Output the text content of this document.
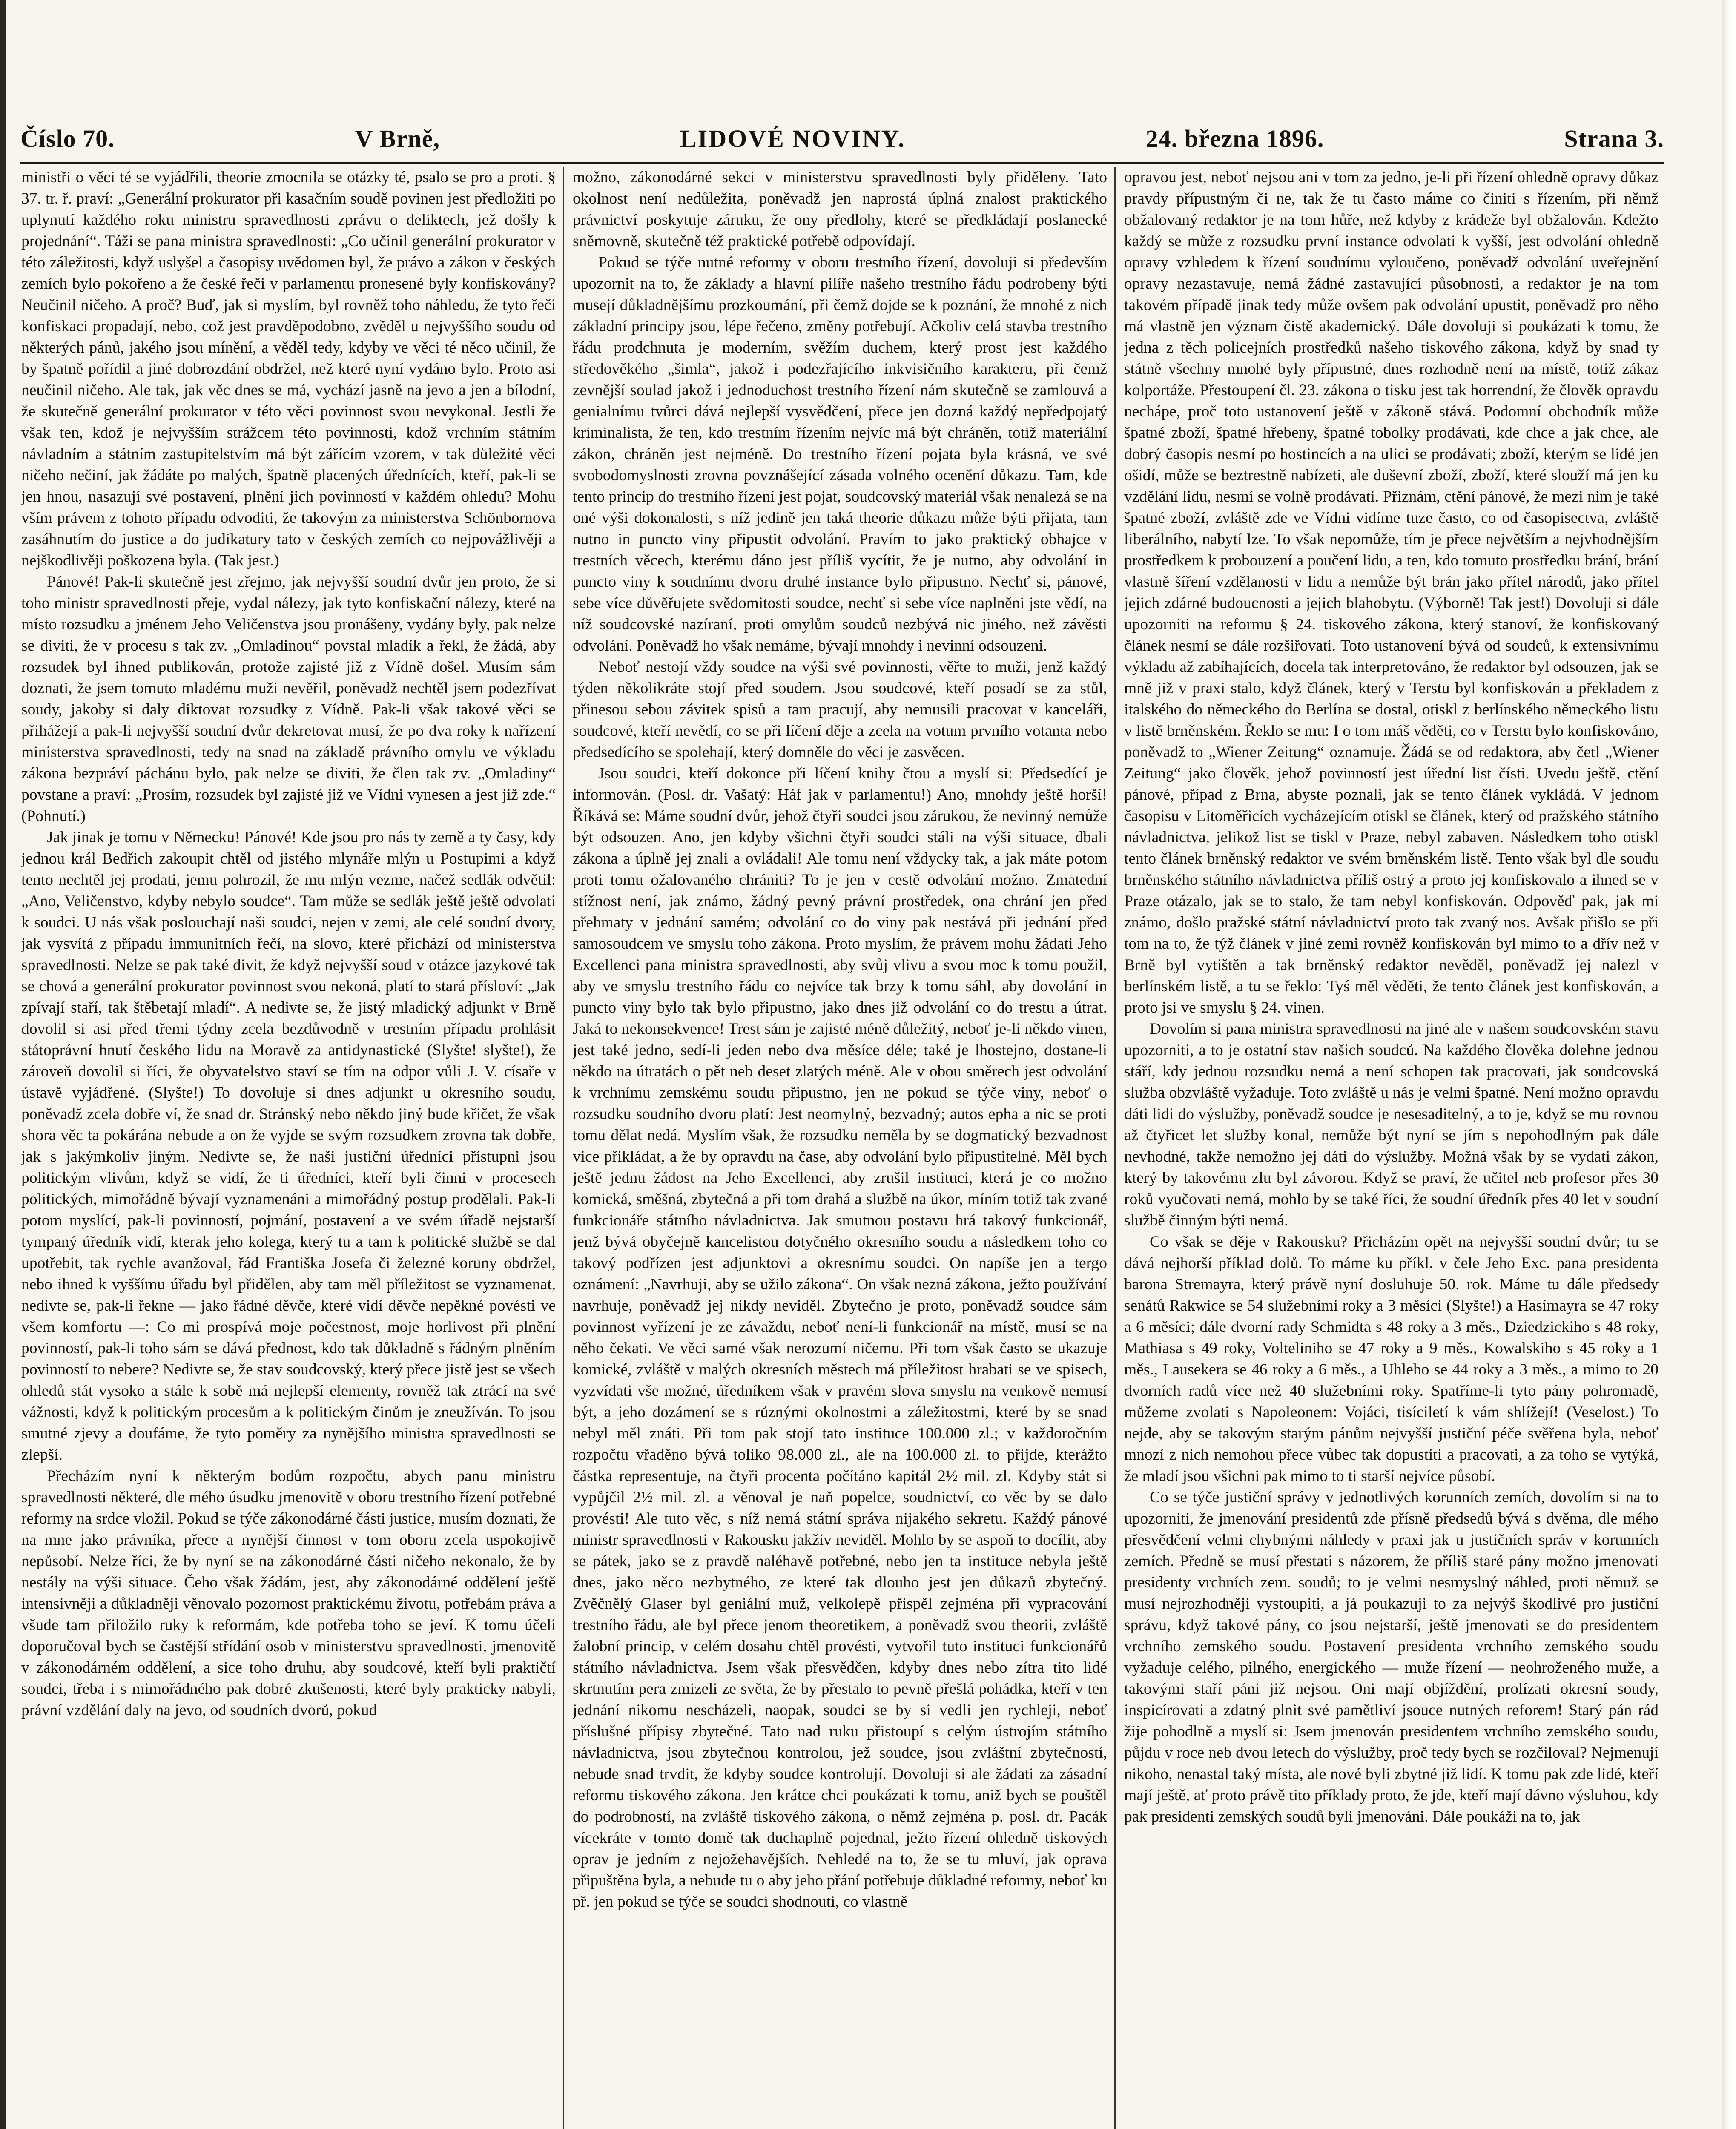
Číslo 70.	V Brně,	LIDOVÉ NOVINY.	24. března 1896.	Strana 3.

ministři o věci té se vyjádřili, theorie zmocnila se otázky té, psalo se pro a proti. § 37. tr. ř. praví: „Generální prokurator při kasačním soudě povinen jest předložiti po uplynutí každého roku ministru spravedlnosti zprávu o deliktech, jež došly k projednání“. Táži se pana ministra spravedlnosti: „Co učinil generální prokurator v této záležitosti, když uslyšel a časopisy uvědomen byl, že právo a zákon v českých zemích bylo pokořeno a že české řeči v parlamentu pronesené byly konfiskovány? Neučinil ničeho. A proč? Buď, jak si myslím, byl rovněž toho náhledu, že tyto řeči konfiskaci propadají, nebo, což jest pravděpodobno, zvěděl u nejvyššího soudu od některých pánů, jakého jsou mínění, a věděl tedy, kdyby ve věci té něco učinil, že by špatně pořídil a jiné dobrozdání obdržel, než které nyní vydáno bylo. Proto asi neučinil ničeho. Ale tak, jak věc dnes se má, vychází jasně na jevo a jen a bílodní, že skutečně generální prokurator v této věci povinnost svou nevykonal. Jestli že však ten, kdož je nejvyšším strážcem této povinnosti, kdož vrchním státním návladním a státním zastupitelstvím má být zářícím vzorem, v tak důležité věci ničeho nečiní, jak žádáte po malých, špatně placených úřednících, kteří, pak-li se jen hnou, nasazují své postavení, plnění jich povinností v každém ohledu? Mohu vším právem z tohoto případu odvoditi, že takovým za ministerstva Schönbornova zasáhnutím do justice a do judikatury tato v českých zemích co nejpovážlivěji a nejškodlivěji poškozena byla. (Tak jest.)

Pánové! Pak-li skutečně jest zřejmo, jak nejvyšší soudní dvůr jen proto, že si toho ministr spravedlnosti přeje, vydal nálezy, jak tyto konfiskační nálezy, které na místo rozsudku a jménem Jeho Veličenstva jsou pronášeny, vydány byly, pak nelze se diviti, že v procesu s tak zv. „Omladinou“ povstal mladík a řekl, že žádá, aby rozsudek byl ihned publikován, protože zajisté již z Vídně došel. Musím sám doznati, že jsem tomuto mladému muži nevěřil, poněvadž nechtěl jsem podezřívat soudy, jakoby si daly diktovat rozsudky z Vídně. Pak-li však takové věci se přihážejí a pak-li nejvyšší soudní dvůr dekretovat musí, že po dva roky k nařízení ministerstva spravedlnosti, tedy na snad na základě právního omylu ve výkladu zákona bezpráví páchánu bylo, pak nelze se diviti, že člen tak zv. „Omladiny“ povstane a praví: „Prosím, rozsudek byl zajisté již ve Vídni vynesen a jest již zde.“ (Pohnutí.)

Jak jinak je tomu v Německu! Pánové! Kde jsou pro nás ty země a ty časy, kdy jednou král Bedřich zakoupit chtěl od jistého mlynáře mlýn u Postupimi a když tento nechtěl jej prodati, jemu pohrozil, že mu mlýn vezme, načež sedlák odvětil: „Ano, Veličenstvo, kdyby nebylo soudce“. Tam může se sedlák ještě ještě odvolati k soudci. U nás však poslouchají naši soudci, nejen v zemi, ale celé soudní dvory, jak vysvítá z případu immunitních řečí, na slovo, které přichází od ministerstva spravedlnosti. Nelze se pak také divit, že když nejvyšší soud v otázce jazykové tak se chová a generální prokurator povinnost svou nekoná, platí to stará přísloví: „Jak zpívají staří, tak štěbetají mladí“. A nedivte se, že jistý mladický adjunkt v Brně dovolil si asi před třemi týdny zcela bezdůvodně v trestním případu prohlásit státoprávní hnutí českého lidu na Moravě za antidynastické (Slyšte! slyšte!), že zároveň dovolil si říci, že obyvatelstvo staví se tím na odpor vůli J. V. císaře v ústavě vyjádřené. (Slyšte!) To dovoluje si dnes adjunkt u okresního soudu, poněvadž zcela dobře ví, že snad dr. Stránský nebo někdo jiný bude křičet, že však shora věc ta pokárána nebude a on že vyjde se svým rozsudkem zrovna tak dobře, jak s jakýmkoliv jiným. Nedivte se, že naši justiční úředníci přístupni jsou politickým vlivům, když se vidí, že ti úředníci, kteří byli činni v procesech politických, mimořádně bývají vyznamenáni a mimořádný postup prodělali. Pak-li potom myslící, pak-li povinností, pojmání, postavení a ve svém úřadě nejstarší tympaný úředník vidí, kterak jeho kolega, který tu a tam k politické službě se dal upotřebit, tak rychle avanžoval, řád Františka Josefa či železné koruny obdržel, nebo ihned k vyššímu úřadu byl přidělen, aby tam měl příležitost se vyznamenat, nedivte se, pak-li řekne — jako řádné děvče, které vidí děvče nepěkné povésti ve všem komfortu —: Co mi prospívá moje počestnost, moje horlivost při plnění povinností, pak-li toho sám se dává přednost, kdo tak důkladně s řádným plněním povinností to nebere? Nedivte se, že stav soudcovský, který přece jistě jest se všech ohledů stát vysoko a stále k sobě má nejlepší elementy, rovněž tak ztrácí na své vážnosti, když k politickým procesům a k politickým činům je zneužíván. To jsou smutné zjevy a doufáme, že tyto poměry za nynějšího ministra spravedlnosti se zlepší.

Přecházím nyní k některým bodům rozpočtu, abych panu ministru spravedlnosti některé, dle mého úsudku jmenovitě v oboru trestního řízení potřebné reformy na srdce vložil. Pokud se týče zákonodárné části justice, musím doznati, že na mne jako právníka, přece a nynější činnost v tom oboru zcela uspokojivě nepůsobí. Nelze říci, že by nyní se na zákonodárné části ničeho nekonalo, že by nestály na výši situace. Čeho však žádám, jest, aby zákonodárné oddělení ještě intensivněji a důkladněji věnovalo pozornost praktickému životu, potřebám práva a všude tam přiložilo ruky k reformám, kde potřeba toho se jeví. K tomu účeli doporučoval bych se častější střídání osob v ministerstvu spravedlnosti, jmenovitě v zákonodárném oddělení, a sice toho druhu, aby soudcové, kteří byli praktičtí soudci, třeba i s mimořádného pak dobré zkušenosti, které byly prakticky nabyli, právní vzdělání daly na jevo, od soudních dvorů, pokud

možno, zákonodárné sekci v ministerstvu spravedlnosti byly přiděleny. Tato okolnost není nedůležita, poněvadž jen naprostá úplná znalost praktického právnictví poskytuje záruku, že ony předlohy, které se předkládají poslanecké sněmovně, skutečně též praktické potřebě odpovídají.

Pokud se týče nutné reformy v oboru trestního řízení, dovoluji si především upozornit na to, že základy a hlavní pilíře našeho trestního řádu podrobeny býti musejí důkladnějšímu prozkoumání, při čemž dojde se k poznání, že mnohé z nich základní principy jsou, lépe řečeno, změny potřebují. Ačkoliv celá stavba trestního řádu prodchnuta je moderním, svěžím duchem, který prost jest každého středověkého „šimla“, jakož i podezřajícího inkvisičního karakteru, při čemž zevnější soulad jakož i jednoduchost trestního řízení nám skutečně se zamlouvá a genialnímu tvůrci dává nejlepší vysvědčení, přece jen dozná každý nepředpojatý kriminalista, že ten, kdo trestním řízením nejvíc má být chráněn, totiž materiální zákon, chráněn jest nejméně. Do trestního řízení pojata byla krásná, ve své svobodomyslnosti zrovna povznášející zásada volného ocenění důkazu. Tam, kde tento princip do trestního řízení jest pojat, soudcovský materiál však nenalezá se na oné výši dokonalosti, s níž jedině jen taká theorie důkazu může býti přijata, tam nutno in puncto viny připustit odvolání. Pravím to jako praktický obhajce v trestních věcech, kterému dáno jest příliš vycítit, že je nutno, aby odvolání in puncto viny k soudnímu dvoru druhé instance bylo připustno. Nechť si, pánové, sebe více důvěřujete svědomitosti soudce, nechť si sebe více naplněni jste vědí, na níž soudcovské nazíraní, proti omylům soudců nezbývá nic jiného, než závěsti odvolání. Poněvadž ho však nemáme, bývají mnohdy i nevinní odsouzeni.

Neboť nestojí vždy soudce na výši své povinnosti, věřte to muži, jenž každý týden několikráte stojí před soudem. Jsou soudcové, kteří posadí se za stůl, přinesou sebou závitek spisů a tam pracují, aby nemusili pracovat v kanceláři, soudcové, kteří nevědí, co se při líčení děje a zcela na votum prvního votanta nebo předsedícího se spolehají, který domněle do věci je zasvěcen.

Jsou soudci, kteří dokonce při líčení knihy čtou a myslí si: Předsedící je informován. (Posl. dr. Vašatý: Háf jak v parlamentu!) Ano, mnohdy ještě horší! Říkává se: Máme soudní dvůr, jehož čtyři soudci jsou zárukou, že nevinný nemůže být odsouzen. Ano, jen kdyby všichni čtyři soudci stáli na výši situace, dbali zákona a úplně jej znali a ovládali! Ale tomu není vždycky tak, a jak máte potom proti tomu ožalovaného chrániti? To je jen v cestě odvolání možno. Zmatední stížnost není, jak známo, žádný pevný právní prostředek, ona chrání jen před přehmaty v jednání samém; odvolání co do viny pak nestává při jednání před samosoudcem ve smyslu toho zákona. Proto myslím, že právem mohu žádati Jeho Excellenci pana ministra spravedlnosti, aby svůj vlivu a svou moc k tomu použil, aby ve smyslu trestního řádu co nejvíce tak brzy k tomu sáhl, aby dovolání in puncto viny bylo tak bylo připustno, jako dnes již odvolání co do trestu a útrat. Jaká to nekonsekvence! Trest sám je zajisté méně důležitý, neboť je-li někdo vinen, jest také jedno, sedí-li jeden nebo dva měsíce déle; také je lhostejno, dostane-li někdo na útratách o pět neb deset zlatých méně. Ale v obou směrech jest odvolání k vrchnímu zemskému soudu připustno, jen ne pokud se týče viny, neboť o rozsudku soudního dvoru platí: Jest neomylný, bezvadný; autos epha a nic se proti tomu dělat nedá. Myslím však, že rozsudku neměla by se dogmatický bezvadnost vice přikládat, a že by opravdu na čase, aby odvolání bylo připustitelné. Měl bych ještě jednu žádost na Jeho Excellenci, aby zrušil instituci, která je co možno komická, směšná, zbytečná a při tom drahá a službě na úkor, míním totiž tak zvané funkcionáře státního návladnictva. Jak smutnou postavu hrá takový funkcionář, jenž bývá obyčejně kancelistou dotyčného okresního soudu a následkem toho co takový podřízen jest adjunktovi a okresnímu soudci. On napíše jen a tergo oznámení: „Navrhuji, aby se užilo zákona“. On však nezná zákona, ježto používání navrhuje, poněvadž jej nikdy neviděl. Zbytečno je proto, poněvadž soudce sám povinnost vyřízení je ze závaždu, neboť není-li funkcionář na místě, musí se na něho čekati. Ve věci samé však nerozumí ničemu. Při tom však často se ukazuje komické, zvláště v malých okresních městech má příležitost hrabati se ve spisech, vyzvídati vše možné, úředníkem však v pravém slova smyslu na venkově nemusí být, a jeho dozámení se s různými okolnostmi a záležitostmi, které by se snad nebyl měl znáti. Při tom pak stojí tato instituce 100.000 zl.; v každoročním rozpočtu vřaděno bývá toliko 98.000 zl., ale na 100.000 zl. to přijde, kterážto částka representuje, na čtyři procenta počítáno kapitál 2½ mil. zl. Kdyby stát si vypůjčil 2½ mil. zl. a věnoval je naň popelce, soudnictví, co věc by se dalo provésti! Ale tuto věc, s níž nemá státní správa nijakého sekretu. Každý pánové ministr spravedlnosti v Rakousku jakživ neviděl. Mohlo by se aspoň to docílit, aby se pátek, jako se z pravdě naléhavě potřebné, nebo jen ta instituce nebyla ještě dnes, jako něco nezbytného, ze které tak dlouho jest jen důkazů zbytečný. Zvěčnělý Glaser byl geniální muž, velkolepě přispěl zejména při vypracování trestního řádu, ale byl přece jenom theoretikem, a poněvadž svou theorii, zvláště žalobní princip, v celém dosahu chtěl provésti, vytvořil tuto instituci funkcionářů státního návladnictva. Jsem však přesvědčen, kdyby dnes nebo zítra tito lidé skrtnutím pera zmizeli ze světa, že by přestalo to pevně přešlá pohádka, kteří v ten jednání nikomu nescházeli, naopak, soudci se by si vedli jen rychleji, neboť příslušné přípisy zbytečné. Tato nad ruku přistoupí s celým ústrojím státního návladnictva, jsou zbytečnou kontrolou, jež soudce, jsou zvláštní zbytečností, nebude snad trvdit, že kdyby soudce kontrolují. Dovoluji si ale žádati za zásadní reformu tiskového zákona. Jen krátce chci poukázati k tomu, aniž bych se pouštěl do podrobností, na zvláště tiskového zákona, o němž zejména p. posl. dr. Pacák vícekráte v tomto domě tak duchaplně pojednal, ježto řízení ohledně tiskových oprav je jedním z nejožehavějších. Nehledé na to, že se tu mluví, jak oprava připuštěna byla, a nebude tu o aby jeho přání potřebuje důkladné reformy, neboť ku př. jen pokud se týče se soudci shodnouti, co vlastně

opravou jest, neboť nejsou ani v tom za jedno, je-li při řízení ohledně opravy důkaz pravdy přípustným či ne, tak že tu často máme co činiti s řízením, při němž obžalovaný redaktor je na tom hůře, než kdyby z krádeže byl obžalován. Kdežto každý se může z rozsudku první instance odvolati k vyšší, jest odvolání ohledně opravy vzhledem k řízení soudnímu vyloučeno, poněvadž odvolání uveřejnění opravy nezastavuje, nemá žádné zastavující působnosti, a redaktor je na tom takovém případě jinak tedy může ovšem pak odvolání upustit, poněvadž pro něho má vlastně jen význam čistě akademický. Dále dovoluji si poukázati k tomu, že jedna z těch policejních prostředků našeho tiskového zákona, když by snad ty státně všechny mnohé byly přípustné, dnes rozhodně není na místě, totiž zákaz kolportáže. Přestoupení čl. 23. zákona o tisku jest tak horrendní, že člověk opravdu nechápe, proč toto ustanovení ještě v zákoně stává. Podomní obchodník může špatné zboží, špatné hřebeny, špatné tobolky prodávati, kde chce a jak chce, ale dobrý časopis nesmí po hostincích a na ulici se prodávati; zboží, kterým se lidé jen ošidí, může se beztrestně nabízeti, ale duševní zboží, zboží, které slouží má jen ku vzdělání lidu, nesmí se volně prodávati. Přiznám, ctění pánové, že mezi nim je také špatné zboží, zvláště zde ve Vídni vidíme tuze často, co od časopisectva, zvláště liberálního, nabytí lze. To však nepomůže, tím je přece největším a nejvhodnějším prostředkem k probouzení a poučení lidu, a ten, kdo tomuto prostředku brání, brání vlastně šíření vzdělanosti v lidu a nemůže být brán jako přítel národů, jako přítel jejich zdárné budoucnosti a jejich blahobytu. (Výborně! Tak jest!) Dovoluji si dále upozorniti na reformu § 24. tiskového zákona, který stanoví, že konfiskovaný článek nesmí se dále rozšiřovati. Toto ustanovení bývá od soudců, k extensivnímu výkladu až zabíhajících, docela tak interpretováno, že redaktor byl odsouzen, jak se mně již v praxi stalo, když článek, který v Terstu byl konfiskován a překladem z italského do německého do Berlína se dostal, otiskl z berlínského německého listu v listě brněnském. Řeklo se mu: I o tom máš věděti, co v Terstu bylo konfiskováno, poněvadž to „Wiener Zeitung“ oznamuje. Žádá se od redaktora, aby četl „Wiener Zeitung“ jako člověk, jehož povinností jest úřední list čísti. Uvedu ještě, ctění pánové, případ z Brna, abyste poznali, jak se tento článek vykládá. V jednom časopisu v Litoměřicích vycházejícím otiskl se článek, který od pražského státního návladnictva, jelikož list se tiskl v Praze, nebyl zabaven. Následkem toho otiskl tento článek brněnský redaktor ve svém brněnském listě. Tento však byl dle soudu brněnského státního návladnictva příliš ostrý a proto jej konfiskovalo a ihned se v Praze otázalo, jak se to stalo, že tam nebyl konfiskován. Odpověď pak, jak mi známo, došlo pražské státní návladnictví proto tak zvaný nos. Avšak přišlo se při tom na to, že týž článek v jiné zemi rovněž konfiskován byl mimo to a dřív než v Brně byl vytištěn a tak brněnský redaktor nevěděl, poněvadž jej nalezl v berlínském listě, a tu se řeklo: Tyś měl věděti, že tento článek jest konfiskován, a proto jsi ve smyslu § 24. vinen.

Dovolím si pana ministra spravedlnosti na jiné ale v našem soudcovském stavu upozorniti, a to je ostatní stav našich soudců. Na každého člověka dolehne jednou stáří, kdy jednou rozsudku nemá a není schopen tak pracovati, jak soudcovská služba obzvláště vyžaduje. Toto zvláště u nás je velmi špatné. Není možno opravdu dáti lidi do výslužby, poněvadž soudce je nesesaditelný, a to je, když se mu rovnou až čtyřicet let služby konal, nemůže být nyní se jím s nepohodlným pak dále nevhodné, takže nemožno jej dáti do výslužby. Možná však by se vydati zákon, který by takovému zlu byl závorou. Když se praví, že učitel neb profesor přes 30 roků vyučovati nemá, mohlo by se také říci, že soudní úředník přes 40 let v soudní službě činným býti nemá.

Co však se děje v Rakousku? Přicházím opět na nejvyšší soudní dvůr; tu se dává nejhorší příklad dolů. To máme ku příkl. v čele Jeho Exc. pana presidenta barona Stremayra, který právě nyní dosluhuje 50. rok. Máme tu dále předsedy senátů Rakwice se 54 služebními roky a 3 měsíci (Slyšte!) a Hasímayra se 47 roky a 6 měsíci; dále dvorní rady Schmidta s 48 roky a 3 měs., Dziedzickiho s 48 roky, Mathiasa s 49 roky, Volteliniho se 47 roky a 9 měs., Kowalskiho s 45 roky a 1 měs., Lausekera se 46 roky a 6 měs., a Uhleho se 44 roky a 3 měs., a mimo to 20 dvorních radů více než 40 služebními roky. Spatříme-li tyto pány pohromadě, můžeme zvolati s Napoleonem: Vojáci, tisíciletí k vám shlížejí! (Veselost.) To nejde, aby se takovým starým pánům nejvyšší justiční péče svěřena byla, neboť mnozí z nich nemohou přece vůbec tak dopustiti a pracovati, a za toho se vytýká, že mladí jsou všichni pak mimo to ti starší nejvíce působí.

Co se týče justiční správy v jednotlivých korunních zemích, dovolím si na to upozorniti, že jmenování presidentů zde přísně předsedů bývá s dvěma, dle mého přesvědčení velmi chybnými náhledy v praxi jak u justičních správ v korunních zemích. Předně se musí přestati s názorem, že příliš staré pány možno jmenovati presidenty vrchních zem. soudů; to je velmi nesmyslný náhled, proti němuž se musí nejrozhodněji vystoupiti, a já poukazuji to za nejvýš škodlivé pro justiční správu, když takové pány, co jsou nejstarší, ještě jmenovati se do presidentem vrchního zemského soudu. Postavení presidenta vrchního zemského soudu vyžaduje celého, pilného, energického — muže řízení — neohroženého muže, a takovými staří páni již nejsou. Oni mají objíždění, prolízati okresní soudy, inspicírovati a zdatný plnit své pamětliví jsouce nutných reforem! Starý pán rád žije pohodlně a myslí si: Jsem jmenován presidentem vrchního zemského soudu, půjdu v roce neb dvou letech do výslužby, proč tedy bych se rozčiloval? Nejmenují nikoho, nenastal taký místa, ale nové byli zbytné již lidí. K tomu pak zde lidé, kteří mají ještě, ať proto právě tito příklady proto, že jde, kteří mají dávno výsluhou, kdy pak presidenti zemských soudů byli jmenováni. Dále poukáži na to, jak
